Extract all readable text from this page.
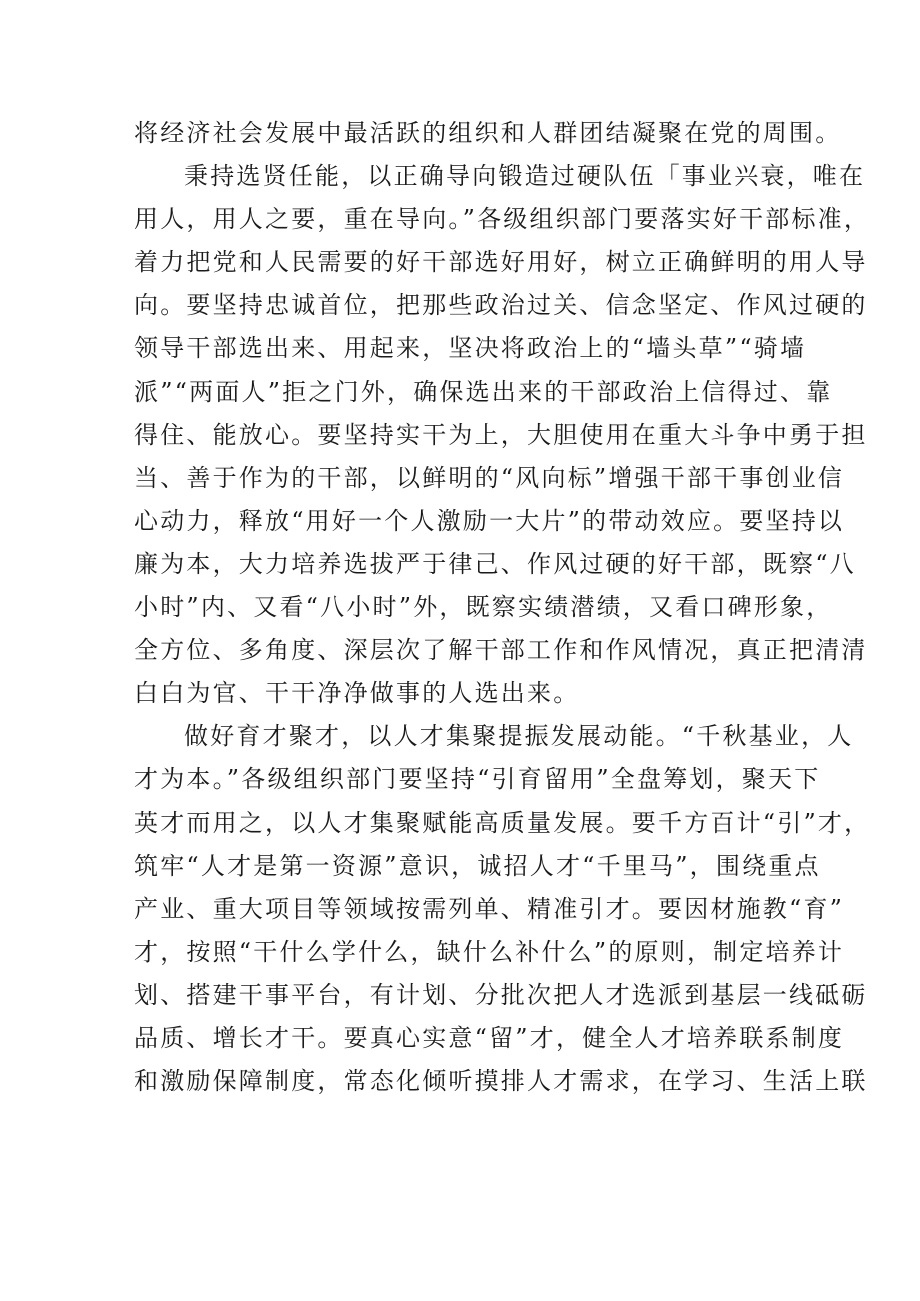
将经济社会发展中最活跃的组织和人群团结凝聚在党的周围。
秉持选贤任能，以正确导向锻造过硬队伍「事业兴衰，唯在
用人，用人之要，重在导向。”各级组织部门要落实好干部标准，
着力把党和人民需要的好干部选好用好，树立正确鲜明的用人导
向。要坚持忠诚首位，把那些政治过关、信念坚定、作风过硬的
领导干部选出来、用起来，坚决将政治上的“墙头草”“骑墙
派”“两面人”拒之门外，确保选出来的干部政治上信得过、靠
得住、能放心。要坚持实干为上，大胆使用在重大斗争中勇于担
当、善于作为的干部，以鲜明的“风向标”增强干部干事创业信
心动力，释放“用好一个人激励一大片”的带动效应。要坚持以
廉为本，大力培养选拔严于律己、作风过硬的好干部，既察“八
小时”内、又看“八小时”外，既察实绩潜绩，又看口碑形象，
全方位、多角度、深层次了解干部工作和作风情况，真正把清清
白白为官、干干净净做事的人选出来。
做好育才聚才，以人才集聚提振发展动能。“千秋基业，人
才为本。”各级组织部门要坚持“引育留用”全盘筹划，聚天下
英才而用之，以人才集聚赋能高质量发展。要千方百计“引”才，
筑牢“人才是第一资源”意识，诚招人才“千里马”，围绕重点
产业、重大项目等领域按需列单、精准引才。要因材施教“育”
才，按照“干什么学什么，缺什么补什么”的原则，制定培养计
划、搭建干事平台，有计划、分批次把人才选派到基层一线砥砺
品质、增长才干。要真心实意“留”才，健全人才培养联系制度
和激励保障制度，常态化倾听摸排人才需求，在学习、生活上联
